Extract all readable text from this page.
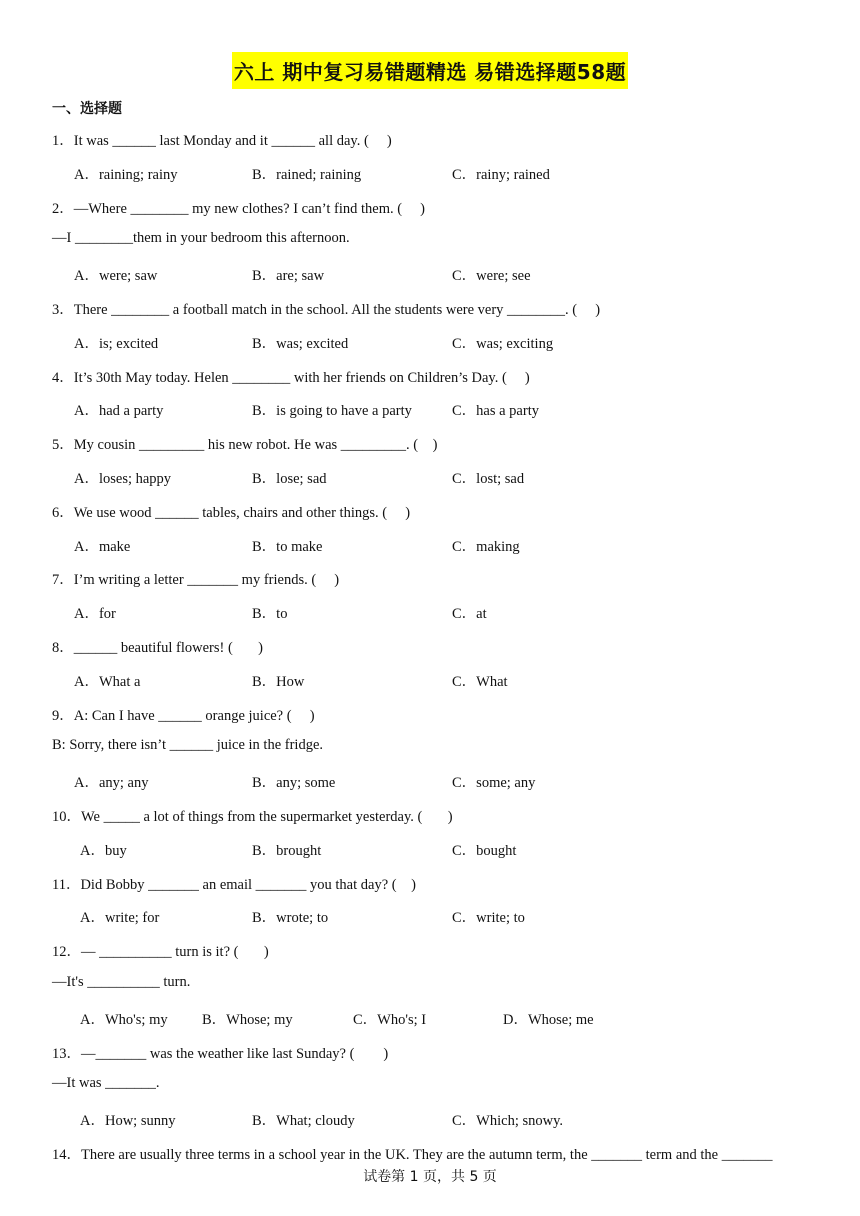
六上 期中复习易错题精选 易错选择题58题
一、选择题
1．It was ______ last Monday and it ______ all day. (     )
A．raining; rainy	B．rained; raining	C．rainy; rained
2．—Where ________ my new clothes? I can’t find them. (     )
—I ________them in your bedroom this afternoon.
A．were; saw	B．are; saw	C．were; see
3．There ________ a football match in the school. All the students were very ________. (     )
A．is; excited	B．was; excited	C．was; exciting
4．It’s 30th May today. Helen ________ with her friends on Children’s Day. (     )
A．had a party	B．is going to have a party	C．has a party
5．My cousin _________ his new robot. He was _________. (    )
A．loses; happy	B．lose; sad	C．lost; sad
6．We use wood ______ tables, chairs and other things. (     )
A．make	B．to make	C．making
7．I’m writing a letter _______ my friends. (     )
A．for	B．to	C．at
8．______ beautiful flowers! (       )
A．What a	B．How	C．What
9．A: Can I have ______ orange juice? (     )
B: Sorry, there isn’t ______ juice in the fridge.
A．any; any	B．any; some	C．some; any
10．We _____ a lot of things from the supermarket yesterday. (       )
A．buy	B．brought	C．bought
11．Did Bobby _______ an email _______ you that day? (    )
A．write; for	B．wrote; to	C．write; to
12．— __________ turn is it? (       )
—It's __________ turn.
A．Who's; my B．Whose; my	C．Who's; I	D．Whose; me
13．—_______ was the weather like last Sunday? (        )
—It was _______.
A．How; sunny	B．What; cloudy	C．Which; snowy.
14．There are usually three terms in a school year in the UK. They are the autumn term, the _______ term and the _______
试卷第 1 页，共 5 页
